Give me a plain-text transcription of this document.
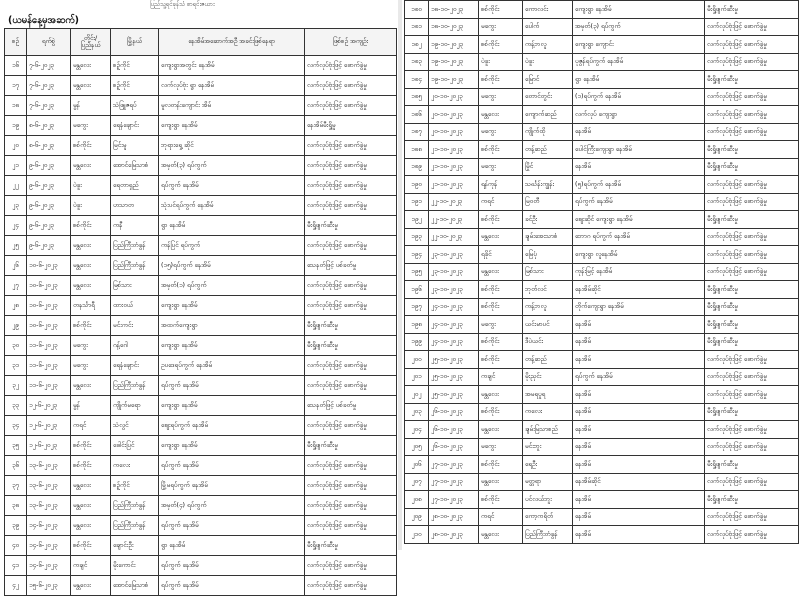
ပြည်သူ့ရင်ခုန်သံ စာရင်းဇယား
(ယမန်နေ့မှအဆက်)
စဉ်	ရက်စွဲ	တိုင်း/ ပြည်နယ်	မြို့နယ်	နေအိမ်အဆောက်အဦ အခင်းဖြစ်နေရာ	ဖြစ်စဉ် အကျဉ်း
၁၆	၇-၆-၂၀၂၃	မန္တလေး	စဉ့်ကိုင်	ကျေးရွာအတွင်း နေအိမ်	လက်လုပ်ဗုံးဖြင့် ဖောက်ခွဲမှု
၁၇	၇-၆-၂၀၂၃	မန္တလေး	စဉ့်ကိုင်	လက်လုပ်ဗုံး ရွာ နေအိမ်	လက်လုပ်ဗုံးဖြင့် ဖောက်ခွဲမှု
၁၈	၇-၆-၂၀၂၃	မွန်	သံဖြူဇရပ်	မူလတန်းကျောင်း အိမ်	လက်လုပ်ဗုံးဖြင့် ဖောက်ခွဲမှု
၁၉	၈-၆-၂၀၂၃	မကွေး	ရေနံချောင်း	ကျေးရွာ နေအိမ်	နေအိမ်မီးရှို့မှု
၂၀	၈-၆-၂၀၂၃	စစ်ကိုင်း	မြင်းမူ	ဘုရားရှေ့ ဆိုင်	လက်လုပ်ဗုံးဖြင့် ဖောက်ခွဲမှု
၂၁	၉-၆-၂၀၂၃	မန္တလေး	အောင်မြေသာစံ	အမှတ်(၃) ရပ်ကွက်	လက်လုပ်ဗုံးဖြင့် ဖောက်ခွဲမှု
၂၂	၉-၆-၂၀၂၃	ပဲခူး	ရေတာရှည်	ရပ်ကွက် နေအိမ်	လက်လုပ်ဗုံးဖြင့် ဖောက်ခွဲမှု
၂၃	၉-၆-၂၀၂၃	ပဲခူး	ဟသာတ	သုံးပင်ရပ်ကွက် နေအိမ်	လက်လုပ်ဗုံးဖြင့် ဖောက်ခွဲမှု
၂၄	၉-၆-၂၀၂၃	စစ်ကိုင်း	ကနီ	ရွာ နေအိမ်	မီးရှို့ဖျက်ဆီးမှု
၂၅	၉-၆-၂၀၂၃	မန္တလေး	ပြည်ကြီးတံခွန်	ကန်ပြင် ရပ်ကွက်	လက်လုပ်ဗုံးဖြင့် ဖောက်ခွဲမှု
၂၆	၁၀-၆-၂၀၂၃	မန္တလေး	ပြည်ကြီးတံခွန်	(၁၅)ရပ်ကွက် နေအိမ်	သေနတ်ဖြင့် ပစ်ခတ်မှု
၂၇	၁၀-၆-၂၀၂၃	မန္တလေး	မြစ်သား	အမှတ်(၁) ရပ်ကွက်	လက်လုပ်ဗုံးဖြင့် ဖောက်ခွဲမှု
၂၈	၁၀-၆-၂၀၂၃	တနင်္သာရီ	ထားဝယ်	ကျေးရွာ နေအိမ်	လက်လုပ်ဗုံးဖြင့် ဖောက်ခွဲမှု
၂၉	၁၀-၆-၂၀၂၃	စစ်ကိုင်း	မင်းကင်း	အထက်ကျေးရွာ	မီးရှို့ဖျက်ဆီးမှု
၃၀	၁၁-၆-၂၀၂၃	မကွေး	ဂန့်ဂေါ	ကျေးရွာ နေအိမ်	မီးရှို့ဖျက်ဆီးမှု
၃၁	၁၁-၆-၂၀၂၃	မကွေး	ရေနံချောင်း	ဥပဒေရပ်ကွက် နေအိမ်	လက်လုပ်ဗုံးဖြင့် ဖောက်ခွဲမှု
၃၂	၁၁-၆-၂၀၂၃	မန္တလေး	ပြည်ကြီးတံခွန်	ရပ်ကွက် နေအိမ်	လက်လုပ်ဗုံးဖြင့် ဖောက်ခွဲမှု
၃၃	၁၂-၆-၂၀၂၃	မွန်	ကျိုက်မရော	ကျေးရွာ နေအိမ်	သေနတ်ဖြင့် ပစ်ခတ်မှု
၃၄	၁၂-၆-၂၀၂၃	ကရင်	သံလွင်	ဈေးရပ်ကွက် နေအိမ်	လက်လုပ်ဗုံးဖြင့် ဖောက်ခွဲမှု
၃၅	၁၂-၆-၂၀၂၃	စစ်ကိုင်း	ဖေါင်းပြင်	ကျေးရွာ နေအိမ်	မီးရှို့ဖျက်ဆီးမှု
၃၆	၁၃-၆-၂၀၂၃	စစ်ကိုင်း	ကလေး	ရပ်ကွက် နေအိမ်	လက်လုပ်ဗုံးဖြင့် ဖောက်ခွဲမှု
၃၇	၁၃-၆-၂၀၂၃	မန္တလေး	စဉ့်ကိုင်	မြို့မရပ်ကွက် နေအိမ်	လက်လုပ်ဗုံးဖြင့် ဖောက်ခွဲမှု
၃၈	၁၃-၆-၂၀၂၃	မန္တလေး	ပြည်ကြီးတံခွန်	အမှတ်(၄) ရပ်ကွက်	လက်လုပ်ဗုံးဖြင့် ဖောက်ခွဲမှု
၃၉	၁၄-၆-၂၀၂၃	မန္တလေး	ပြည်ကြီးတံခွန်	ရပ်ကွက် နေအိမ်	လက်လုပ်ဗုံးဖြင့် ဖောက်ခွဲမှု
၄၀	၁၄-၆-၂၀၂၃	စစ်ကိုင်း	ချောင်းဦး	ရွာ နေအိမ်	မီးရှို့ဖျက်ဆီးမှု
၄၁	၁၄-၆-၂၀၂၃	ကချင်	မိုးကောင်း	ရပ်ကွက် နေအိမ်	လက်လုပ်ဗုံးဖြင့် ဖောက်ခွဲမှု
၄၂	၁၅-၆-၂၀၂၃	မန္တလေး	အောင်မြေသာစံ	ရပ်ကွက် နေအိမ်	လက်လုပ်ဗုံးဖြင့် ဖောက်ခွဲမှု
၁၈၀	၁၈-၁၀-၂၀၂၃	စစ်ကိုင်း	ကောလင်း	ကျေးရွာ နေအိမ်	မီးရှို့ဖျက်ဆီးမှု
၁၈၁	၁၈-၁၀-၂၀၂၃	မကွေး	ပေါက်	အမှတ်(၃) ရပ်ကွက်	လက်လုပ်ဗုံးဖြင့် ဖောက်ခွဲမှု
၁၈၂	၁၉-၁၀-၂၀၂၃	စစ်ကိုင်း	ကန့်ဘလူ	ကျေးရွာ ကျောင်း	လက်လုပ်ဗုံးဖြင့် ဖောက်ခွဲမှု
၁၈၃	၁၉-၁၀-၂၀၂၃	ပဲခူး	ပဲခူး	ပုဇွန်ရပ်ကွက် နေအိမ်	လက်လုပ်ဗုံးဖြင့် ဖောက်ခွဲမှု
၁၈၄	၁၉-၁၀-၂၀၂၃	စစ်ကိုင်း	မြောင်	ရွာ နေအိမ်	မီးရှို့ဖျက်ဆီးမှု
၁၈၅	၂၀-၁၀-၂၀၂၃	မကွေး	တောင်တွင်း	(၁)ရပ်ကွက် နေအိမ်	လက်လုပ်ဗုံးဖြင့် ဖောက်ခွဲမှု
၁၈၆	၂၀-၁၀-၂၀၂၃	မန္တလေး	ကျောက်ဆည်	လက်လုပ် ကျေးရွာ	လက်လုပ်ဗုံးဖြင့် ဖောက်ခွဲမှု
၁၈၇	၂၀-၁၀-၂၀၂၃	မကွေး	ကျိုက်ထို	နေအိမ်	လက်လုပ်ဗုံးဖြင့် ဖောက်ခွဲမှု
၁၈၈	၂၁-၁၀-၂၀၂၃	စစ်ကိုင်း	တန့်ဆည်	ပေါင်ကြီးကျေးရွာ နေအိမ်	မီးရှို့ဖျက်ဆီးမှု
၁၈၉	၂၁-၁၀-၂၀၂၃	မကွေး	မြိုင်	နေအိမ်	မီးရှို့ဖျက်ဆီးမှု
၁၉၀	၂၁-၁၀-၂၀၂၃	ရန်ကုန်	သင်္ဃန်းကျွန်း	(၅)ရပ်ကွက် နေအိမ်	လက်လုပ်ဗုံးဖြင့် ဖောက်ခွဲမှု
၁၉၁	၂၂-၁၀-၂၀၂၃	ကရင်	မြဝတီ	ရပ်ကွက် နေအိမ်	လက်လုပ်ဗုံးဖြင့် ဖောက်ခွဲမှု
၁၉၂	၂၂-၁၀-၂၀၂၃	စစ်ကိုင်း	ခင်ဦး	ဈေးဆိုင် ကျေးရွာ နေအိမ်	မီးရှို့ဖျက်ဆီးမှု
၁၉၃	၂၂-၁၀-၂၀၂၃	မန္တလေး	ချမ်းအေးသာစံ	ဘောဂ ရပ်ကွက် နေအိမ်	လက်လုပ်ဗုံးဖြင့် ဖောက်ခွဲမှု
၁၉၄	၂၃-၁၀-၂၀၂၃	ရခိုင်	မြေပုံ	ကျေးရွာ လူနေအိမ်	လက်လုပ်ဗုံးဖြင့် ဖောက်ခွဲမှု
၁၉၅	၂၃-၁၀-၂၀၂၃	မန္တလေး	မြစ်သား	ကုန်းမြင့် နေအိမ်	လက်လုပ်ဗုံးဖြင့် ဖောက်ခွဲမှု
၁၉၆	၂၃-၁၀-၂၀၂၃	စစ်ကိုင်း	ဘုတ်လင်	နေအိမ်ဆိုင်	မီးရှို့ဖျက်ဆီးမှု
၁၉၇	၂၄-၁၀-၂၀၂၃	စစ်ကိုင်း	ကန့်ဘလူ	တိုက်ကျေးရွာ နေအိမ်	မီးရှို့ဖျက်ဆီးမှု
၁၉၈	၂၄-၁၀-၂၀၂၃	မကွေး	ယင်းမာပင်	နေအိမ်	မီးရှို့ဖျက်ဆီးမှု
၁၉၉	၂၄-၁၀-၂၀၂၃	စစ်ကိုင်း	ဒီပဲယင်း	နေအိမ်	မီးရှို့ဖျက်ဆီးမှု
၂၀၀	၂၅-၁၀-၂၀၂၃	စစ်ကိုင်း	တန့်ဆည်	နေအိမ်	လက်လုပ်ဗုံးဖြင့် ဖောက်ခွဲမှု
၂၀၁	၂၅-၁၀-၂၀၂၃	ကချင်	မိုးညှင်း	ရပ်ကွက် နေအိမ်	လက်လုပ်ဗုံးဖြင့် ဖောက်ခွဲမှု
၂၀၂	၂၅-၁၀-၂၀၂၃	မန္တလေး	အမရပူရ	နေအိမ်	လက်လုပ်ဗုံးဖြင့် ဖောက်ခွဲမှု
၂၀၃	၂၆-၁၀-၂၀၂၃	စစ်ကိုင်း	ကလေး	နေအိမ်	မီးရှို့ဖျက်ဆီးမှု
၂၀၄	၂၆-၁၀-၂၀၂၃	မန္တလေး	ချမ်းမြသာစည်	နေအိမ်	လက်လုပ်ဗုံးဖြင့် ဖောက်ခွဲမှု
၂၀၅	၂၆-၁၀-၂၀၂၃	မကွေး	မင်းဘူး	နေအိမ်	လက်လုပ်ဗုံးဖြင့် ဖောက်ခွဲမှု
၂၀၆	၂၇-၁၀-၂၀၂၃	စစ်ကိုင်း	ရေဦး	နေအိမ်	မီးရှို့ဖျက်ဆီးမှု
၂၀၇	၂၇-၁၀-၂၀၂၃	မန္တလေး	မတ္တရာ	နေအိမ်ဆိုင်	လက်လုပ်ဗုံးဖြင့် ဖောက်ခွဲမှု
၂၀၈	၂၇-၁၀-၂၀၂၃	စစ်ကိုင်း	ပင်လယ်ဘူး	နေအိမ်	မီးရှို့ဖျက်ဆီးမှု
၂၀၉	၂၈-၁၀-၂၀၂၃	ကရင်	ကော့ကရိတ်	နေအိမ်	လက်လုပ်ဗုံးဖြင့် ဖောက်ခွဲမှု
၂၁၀	၂၈-၁၀-၂၀၂၃	မန္တလေး	ပြည်ကြီးတံခွန်	နေအိမ်	လက်လုပ်ဗုံးဖြင့် ဖောက်ခွဲမှု
